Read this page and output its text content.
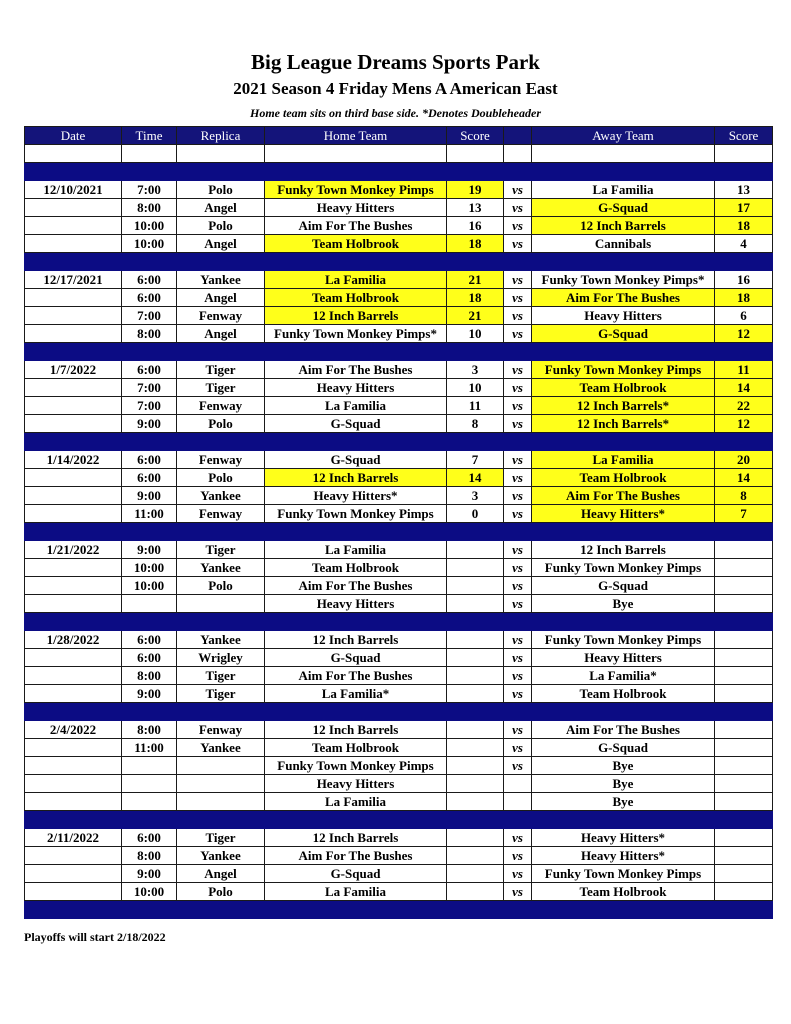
Big League Dreams Sports Park
2021 Season 4 Friday Mens A American East
Home team sits on third base side. *Denotes Doubleheader
Date	Time	Replica	Home Team	Score		Away Team	Score

12/10/2021	7:00	Polo	Funky Town Monkey Pimps	19	vs	La Familia	13
	8:00	Angel	Heavy Hitters	13	vs	G-Squad	17
	10:00	Polo	Aim For The Bushes	16	vs	12 Inch Barrels	18
	10:00	Angel	Team Holbrook	18	vs	Cannibals	4

12/17/2021	6:00	Yankee	La Familia	21	vs	Funky Town Monkey Pimps*	16
	6:00	Angel	Team Holbrook	18	vs	Aim For The Bushes	18
	7:00	Fenway	12 Inch Barrels	21	vs	Heavy Hitters	6
	8:00	Angel	Funky Town Monkey Pimps*	10	vs	G-Squad	12

1/7/2022	6:00	Tiger	Aim For The Bushes	3	vs	Funky Town Monkey Pimps	11
	7:00	Tiger	Heavy Hitters	10	vs	Team Holbrook	14
	7:00	Fenway	La Familia	11	vs	12 Inch Barrels*	22
	9:00	Polo	G-Squad	8	vs	12 Inch Barrels*	12

1/14/2022	6:00	Fenway	G-Squad	7	vs	La Familia	20
	6:00	Polo	12 Inch Barrels	14	vs	Team Holbrook	14
	9:00	Yankee	Heavy Hitters*	3	vs	Aim For The Bushes	8
	11:00	Fenway	Funky Town Monkey Pimps	0	vs	Heavy Hitters*	7

1/21/2022	9:00	Tiger	La Familia		vs	12 Inch Barrels	
	10:00	Yankee	Team Holbrook		vs	Funky Town Monkey Pimps	
	10:00	Polo	Aim For The Bushes		vs	G-Squad	
			Heavy Hitters		vs	Bye	

1/28/2022	6:00	Yankee	12 Inch Barrels		vs	Funky Town Monkey Pimps	
	6:00	Wrigley	G-Squad		vs	Heavy Hitters	
	8:00	Tiger	Aim For The Bushes		vs	La Familia*	
	9:00	Tiger	La Familia*		vs	Team Holbrook	

2/4/2022	8:00	Fenway	12 Inch Barrels		vs	Aim For The Bushes	
	11:00	Yankee	Team Holbrook		vs	G-Squad	
			Funky Town Monkey Pimps		vs	Bye	
			Heavy Hitters			Bye	
			La Familia			Bye	

2/11/2022	6:00	Tiger	12 Inch Barrels		vs	Heavy Hitters*	
	8:00	Yankee	Aim For The Bushes		vs	Heavy Hitters*	
	9:00	Angel	G-Squad		vs	Funky Town Monkey Pimps	
	10:00	Polo	La Familia		vs	Team Holbrook	

Playoffs will start 2/18/2022
